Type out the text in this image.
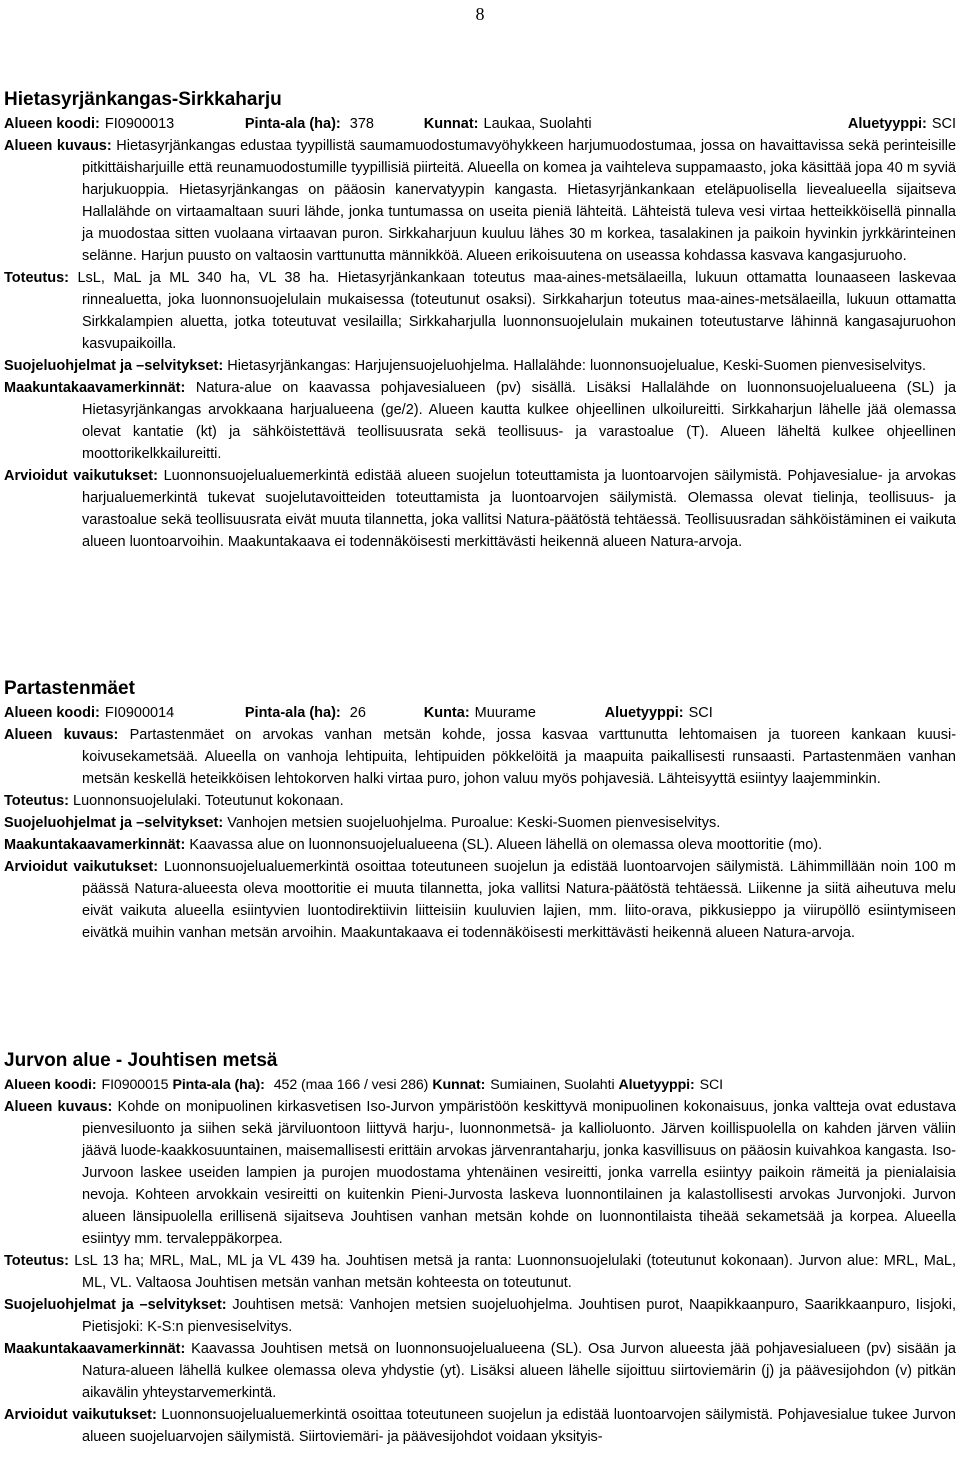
8
Hietasyrjänkangas-Sirkkaharju
Alueen koodi: FI0900013	Pinta-ala (ha): 378	Kunnat: Laukaa, Suolahti	Aluetyyppi: SCI

Alueen kuvaus: Hietasyrjänkangas edustaa tyypillistä saumamuodostumavyöhykkeen harjumuodostumaa, jossa on havaittavissa sekä perinteisille pitkittäisharjuille että reunamuodostumille tyypillisiä piirteitä. Alueella on komea ja vaihteleva suppamaasto, joka käsittää jopa 40 m syviä harjukuoppia. Hietasyrjänkangas on pääosin kanervatyypin kangasta. Hietasyrjänkankaan eteläpuolisella lievealueella sijaitseva Hallalähde on virtaamaltaan suuri lähde, jonka tuntumassa on useita pieniä lähteitä. Lähteistä tuleva vesi virtaa hetteikköisellä pinnalla ja muodostaa sitten vuolaana virtaavan puron. Sirkkaharjuun kuuluu lähes 30 m korkea, tasalakinen ja paikoin hyvinkin jyrkkärinteinen selänne. Harjun puusto on valtaosin varttunutta männikköä. Alueen erikoisuutena on useassa kohdassa kasvava kangasjuruoho.

Toteutus: LsL, MaL ja ML 340 ha, VL 38 ha. Hietasyrjänkankaan toteutus maa-aines-metsälaeilla, lukuun ottamatta lounaaseen laskevaa rinnealuetta, joka luonnonsuojelulain mukaisessa (toteutunut osaksi). Sirkkaharjun toteutus maa-aines-metsälaeilla, lukuun ottamatta Sirkkalampien aluetta, jotka toteutuvat vesilailla; Sirkkaharjulla luonnonsuojelulain mukainen toteutustarve lähinnä kangasajuruohon kasvupaikoilla.

Suojeluohjelmat ja –selvitykset: Hietasyrjänkangas: Harjujensuojeluohjelma. Hallalähde: luonnonsuojelualue, Keski-Suomen pienvesiselvitys.

Maakuntakaavamerkinnät: Natura-alue on kaavassa pohjavesialueen (pv) sisällä. Lisäksi Hallalähde on luonnonsuojelualueena (SL) ja Hietasyrjänkangas arvokkaana harjualueena (ge/2). Alueen kautta kulkee ohjeellinen ulkoilureitti. Sirkkaharjun lähelle jää olemassa olevat kantatie (kt) ja sähköistettävä teollisuusrata sekä teollisuus- ja varastoalue (T). Alueen läheltä kulkee ohjeellinen moottorikelkkailureitti.

Arvioidut vaikutukset: Luonnonsuojelualuemerkintä edistää alueen suojelun toteuttamista ja luontoarvojen säilymistä. Pohjavesialue- ja arvokas harjualuemerkintä tukevat suojelutavoitteiden toteuttamista ja luontoarvojen säilymistä. Olemassa olevat tielinja, teollisuus- ja varastoalue sekä teollisuusrata eivät muuta tilannetta, joka vallitsi Natura-päätöstä tehtäessä. Teollisuusradan sähköistäminen ei vaikuta alueen luontoarvoihin. Maakuntakaava ei todennäköisesti merkittävästi heikennä alueen Natura-arvoja.

Partastenmäet
Alueen koodi: FI0900014	Pinta-ala (ha): 26	Kunta: Muurame	Aluetyyppi: SCI

Alueen kuvaus: Partastenmäet on arvokas vanhan metsän kohde, jossa kasvaa varttunutta lehtomaisen ja tuoreen kankaan kuusi-koivusekametsää. Alueella on vanhoja lehtipuita, lehtipuiden pökkelöitä ja maapuita paikallisesti runsaasti. Partastenmäen vanhan metsän keskellä heteikköisen lehtokorven halki virtaa puro, johon valuu myös pohjavesiä. Lähteisyyttä esiintyy laajemminkin.

Toteutus: Luonnonsuojelulaki. Toteutunut kokonaan.

Suojeluohjelmat ja –selvitykset: Vanhojen metsien suojeluohjelma. Puroalue: Keski-Suomen pienvesiselvitys.

Maakuntakaavamerkinnät: Kaavassa alue on luonnonsuojelualueena (SL). Alueen lähellä on olemassa oleva moottoritie (mo).

Arvioidut vaikutukset: Luonnonsuojelualuemerkintä osoittaa toteutuneen suojelun ja edistää luontoarvojen säilymistä. Lähimmillään noin 100 m päässä Natura-alueesta oleva moottoritie ei muuta tilannetta, joka vallitsi Natura-päätöstä tehtäessä. Liikenne ja siitä aiheutuva melu eivät vaikuta alueella esiintyvien luontodirektiivin liitteisiin kuuluvien lajien, mm. liito-orava, pikkusieppo ja viirupöllö esiintymiseen eivätkä muihin vanhan metsän arvoihin. Maakuntakaava ei todennäköisesti merkittävästi heikennä alueen Natura-arvoja.

Jurvon alue - Jouhtisen metsä
Alueen koodi: FI0900015 Pinta-ala (ha): 452 (maa 166 / vesi 286) Kunnat: Sumiainen, Suolahti Aluetyyppi: SCI

Alueen kuvaus: Kohde on monipuolinen kirkasvetisen Iso-Jurvon ympäristöön keskittyvä monipuolinen kokonaisuus, jonka valtteja ovat edustava pienvesiluonto ja siihen sekä järviluontoon liittyvä harju-, luonnonmetsä- ja kallioluonto. Järven koillispuolella on kahden järven väliin jäävä luode-kaakkosuuntainen, maisemallisesti erittäin arvokas järvenrantaharju, jonka kasvillisuus on pääosin kuivahkoa kangasta. Iso-Jurvoon laskee useiden lampien ja purojen muodostama yhtenäinen vesireitti, jonka varrella esiintyy paikoin rämeitä ja pienialaisia nevoja. Kohteen arvokkain vesireitti on kuitenkin Pieni-Jurvosta laskeva luonnontilainen ja kalastollisesti arvokas Jurvonjoki. Jurvon alueen länsipuolella erillisenä sijaitseva Jouhtisen vanhan metsän kohde on luonnontilaista tiheää sekametsää ja korpea. Alueella esiintyy mm. tervaleppäkorpea.

Toteutus: LsL 13 ha; MRL, MaL, ML ja VL 439 ha. Jouhtisen metsä ja ranta: Luonnonsuojelulaki (toteutunut kokonaan). Jurvon alue: MRL, MaL, ML, VL. Valtaosa Jouhtisen metsän vanhan metsän kohteesta on toteutunut.

Suojeluohjelmat ja –selvitykset: Jouhtisen metsä: Vanhojen metsien suojeluohjelma. Jouhtisen purot, Naapikkaanpuro, Saarikkaanpuro, Iisjoki, Pietisjoki: K-S:n pienvesiselvitys.

Maakuntakaavamerkinnät: Kaavassa Jouhtisen metsä on luonnonsuojelualueena (SL). Osa Jurvon alueesta jää pohjavesialueen (pv) sisään ja Natura-alueen lähellä kulkee olemassa oleva yhdystie (yt). Lisäksi alueen lähelle sijoittuu siirtoviemärin (j) ja päävesijohdon (v) pitkän aikavälin yhteystarvemerkintä.

Arvioidut vaikutukset: Luonnonsuojelualuemerkintä osoittaa toteutuneen suojelun ja edistää luontoarvojen säilymistä. Pohjavesialue tukee Jurvon alueen suojeluarvojen säilymistä. Siirtoviemäri- ja päävesijohdot voidaan yksityis-
